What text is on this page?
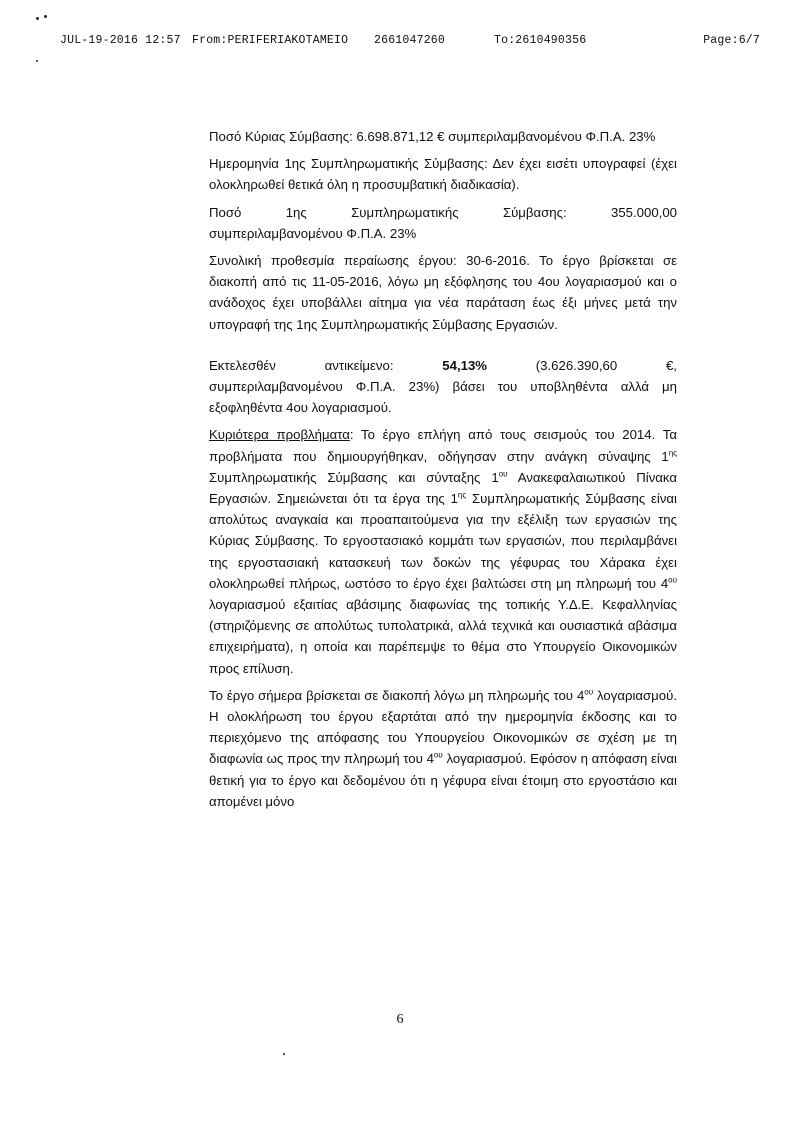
JUL-19-2016 12:57 From:PERIFERIAKOTAMEIO 2661047260	To:2610490356	Page:6/7

Ποσό Κύριας Σύμβασης: 6.698.871,12 € συμπεριλαμβανομένου Φ.Π.Α. 23%

Ημερομηνία 1ης Συμπληρωματικής Σύμβασης: Δεν έχει εισέτι υπογραφεί (έχει ολοκληρωθεί θετικά όλη η προσυμβατική διαδικασία).

Ποσό	1ης	Συμπληρωματικής	Σύμβασης:	355.000,00
συμπεριλαμβανομένου Φ.Π.Α. 23%

Συνολική προθεσμία περαίωσης έργου: 30-6-2016. Το έργο βρίσκεται σε διακοπή από τις 11-05-2016, λόγω μη εξόφλησης του 4ου λογαριασμού και ο ανάδοχος έχει υποβάλλει αίτημα για νέα παράταση έως έξι μήνες μετά την υπογραφή της 1ης Συμπληρωματικής Σύμβασης Εργασιών.

Εκτελεσθέν	αντικείμενο:	54,13%	(3.626.390,60	€,
συμπεριλαμβανομένου Φ.Π.Α. 23%) βάσει του υποβληθέντα αλλά μη εξοφληθέντα 4ου λογαριασμού.

Κυριότερα προβλήματα: Το έργο επλήγη από τους σεισμούς του 2014. Τα προβλήματα που δημιουργήθηκαν, οδήγησαν στην ανάγκη σύναψης $1^{\eta\varsigma}$ Συμπληρωματικής Σύμβασης και σύνταξης $1^{o\upsilon}$ Ανακεφαλαιωτικού Πίνακα Εργασιών. Σημειώνεται ότι τα έργα της $1^{\eta\varsigma}$ Συμπληρωματικής Σύμβασης είναι απολύτως αναγκαία και προαπαιτούμενα για την εξέλιξη των εργασιών της Κύριας Σύμβασης. Το εργοστασιακό κομμάτι των εργασιών, που περιλαμβάνει της εργοστασιακή κατασκευή των δοκών της γέφυρας του Χάρακα έχει ολοκληρωθεί πλήρως, ωστόσο το έργο έχει βαλτώσει στη μη πληρωμή του $4^{o\upsilon}$ λογαριασμού εξαιτίας αβάσιμης διαφωνίας της τοπικής Υ.Δ.Ε. Κεφαλληνίας (στηριζόμενης σε απολύτως τυπολατρικά, αλλά τεχνικά και ουσιαστικά αβάσιμα επιχειρήματα), η οποία και παρέπεμψε το θέμα στο Υπουργείο Οικονομικών προς επίλυση.

Το έργο σήμερα βρίσκεται σε διακοπή λόγω μη πληρωμής του $4^{o\upsilon}$ λογαριασμού. Η ολοκλήρωση του έργου εξαρτάται από την ημερομηνία έκδοσης και το περιεχόμενο της απόφασης του Υπουργείου Οικονομικών σε σχέση με τη διαφωνία ως προς την πληρωμή του $4^{o\upsilon}$ λογαριασμού. Εφόσον η απόφαση είναι θετική για το έργο και δεδομένου ότι η γέφυρα είναι έτοιμη στο εργοστάσιο και απομένει μόνο

6
